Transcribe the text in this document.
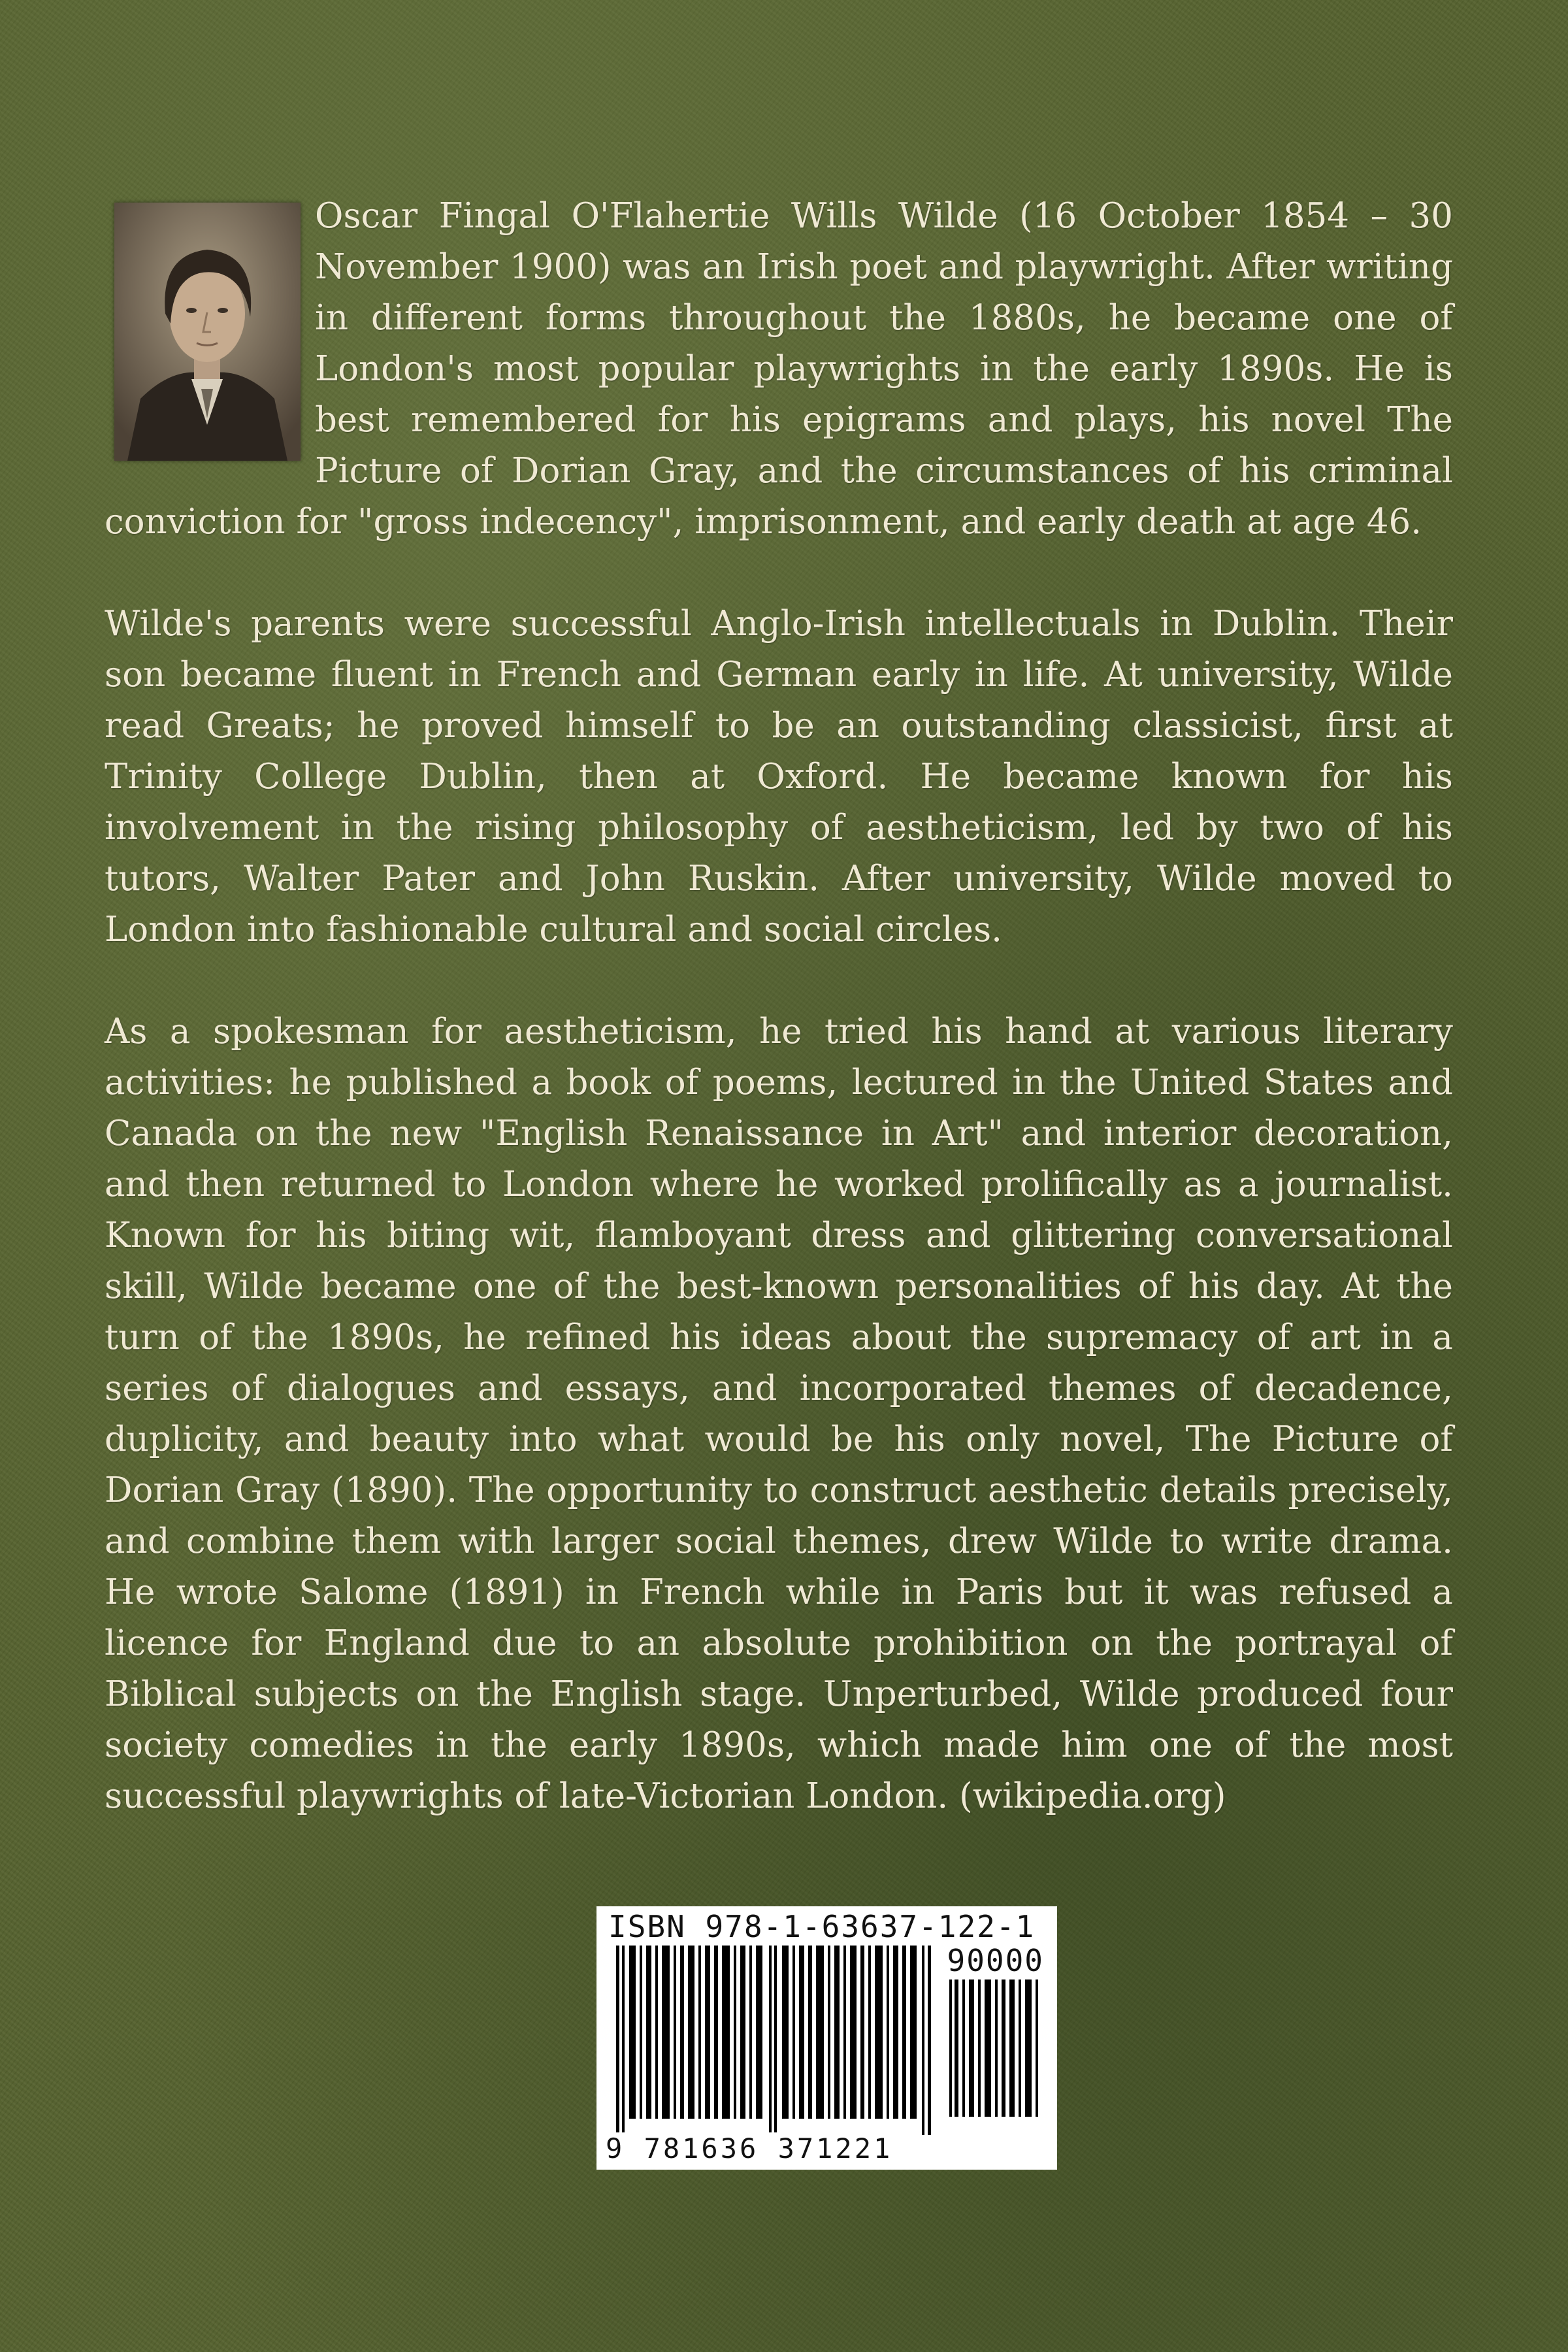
Oscar Fingal O'Flahertie Wills Wilde (16 October 1854 – 30 November 1900) was an Irish poet and playwright. After writing in different forms throughout the 1880s, he became one of London's most popular playwrights in the early 1890s. He is best remembered for his epigrams and plays, his novel The Picture of Dorian Gray, and the circumstances of his criminal conviction for "gross indecency", imprisonment, and early death at age 46.

Wilde's parents were successful Anglo-Irish intellectuals in Dublin. Their son became fluent in French and German early in life. At university, Wilde read Greats; he proved himself to be an outstanding classicist, first at Trinity College Dublin, then at Oxford. He became known for his involvement in the rising philosophy of aestheticism, led by two of his tutors, Walter Pater and John Ruskin. After university, Wilde moved to London into fashionable cultural and social circles.

As a spokesman for aestheticism, he tried his hand at various literary activities: he published a book of poems, lectured in the United States and Canada on the new "English Renaissance in Art" and interior decoration, and then returned to London where he worked prolifically as a journalist. Known for his biting wit, flamboyant dress and glittering conversational skill, Wilde became one of the best-known personalities of his day. At the turn of the 1890s, he refined his ideas about the supremacy of art in a series of dialogues and essays, and incorporated themes of decadence, duplicity, and beauty into what would be his only novel, The Picture of Dorian Gray (1890). The opportunity to construct aesthetic details precisely, and combine them with larger social themes, drew Wilde to write drama. He wrote Salome (1891) in French while in Paris but it was refused a licence for England due to an absolute prohibition on the portrayal of Biblical subjects on the English stage. Unperturbed, Wilde produced four society comedies in the early 1890s, which made him one of the most successful playwrights of late-Victorian London. (wikipedia.org)

ISBN 978-1-63637-122-1
90000
9 781636 371221
